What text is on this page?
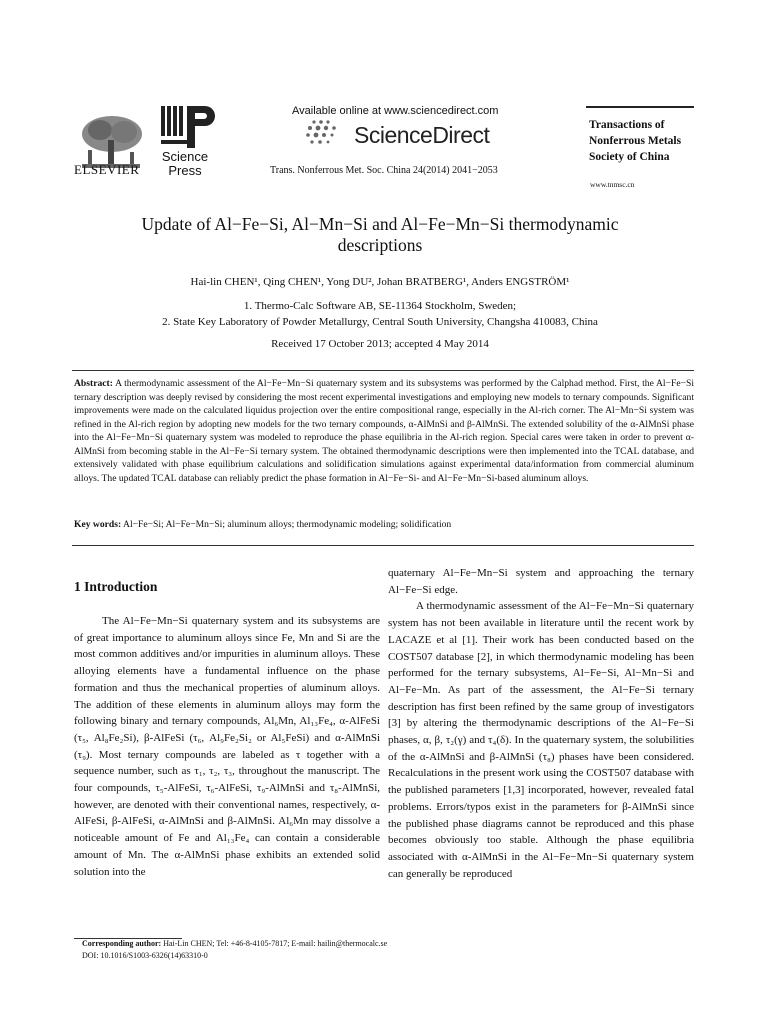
ELSEVIER
Science
Press
Available online at www.sciencedirect.com
ScienceDirect
Trans. Nonferrous Met. Soc. China 24(2014) 2041−2053
Transactions of
Nonferrous Metals
Society of China
www.tnmsc.cn
Update of Al−Fe−Si, Al−Mn−Si and Al−Fe−Mn−Si thermodynamic
descriptions
Hai-lin CHEN¹, Qing CHEN¹, Yong DU², Johan BRATBERG¹, Anders ENGSTRÖM¹
1. Thermo-Calc Software AB, SE-11364 Stockholm, Sweden;
2. State Key Laboratory of Powder Metallurgy, Central South University, Changsha 410083, China
Received 17 October 2013; accepted 4 May 2014
Abstract: A thermodynamic assessment of the Al−Fe−Mn−Si quaternary system and its subsystems was performed by the Calphad method. First, the Al−Fe−Si ternary description was deeply revised by considering the most recent experimental investigations and employing new models to ternary compounds. Significant improvements were made on the calculated liquidus projection over the entire compositional range, especially in the Al-rich corner. The Al−Mn−Si system was refined in the Al-rich region by adopting new models for the two ternary compounds, α-AlMnSi and β-AlMnSi. The extended solubility of the α-AlMnSi phase into the Al−Fe−Mn−Si quaternary system was modeled to reproduce the phase equilibria in the Al-rich region. Special cares were taken in order to prevent α-AlMnSi from becoming stable in the Al−Fe−Si ternary system. The obtained thermodynamic descriptions were then implemented into the TCAL database, and extensively validated with phase equilibrium calculations and solidification simulations against experimental data/information from commercial aluminum alloys. The updated TCAL database can reliably predict the phase formation in Al−Fe−Si- and Al−Fe−Mn−Si-based aluminum alloys.
Key words: Al−Fe−Si; Al−Fe−Mn−Si; aluminum alloys; thermodynamic modeling; solidification
1 Introduction

The Al−Fe−Mn−Si quaternary system and its subsystems are of great importance to aluminum alloys since Fe, Mn and Si are the most common additives and/or impurities in aluminum alloys. These alloying elements have a fundamental influence on the phase formation and thus the mechanical properties of aluminum alloys. The addition of these elements in aluminum alloys may form the following binary and ternary compounds, Al₆Mn, Al₁₃Fe₄, α-AlFeSi (τ₅, Al₈Fe₂Si), β-AlFeSi (τ₆, Al₉Fe₂Si₂ or Al₅FeSi) and α-AlMnSi (τ₉). Most ternary compounds are labeled as τ together with a sequence number, such as τ₁, τ₂, τ₃, throughout the manuscript. The four compounds, τ₅-AlFeSi, τ₆-AlFeSi, τ₉-AlMnSi and τ₈-AlMnSi, however, are denoted with their conventional names, respectively, α-AlFeSi, β-AlFeSi, α-AlMnSi and β-AlMnSi. Al₆Mn may dissolve a noticeable amount of Fe and Al₁₃Fe₄ can contain a considerable amount of Mn. The α-AlMnSi phase exhibits an extended solid solution into the

quaternary Al−Fe−Mn−Si system and approaching the ternary Al−Fe−Si edge.

A thermodynamic assessment of the Al−Fe−Mn−Si quaternary system has not been available in literature until the recent work by LACAZE et al [1]. Their work has been conducted based on the COST507 database [2], in which thermodynamic modeling has been performed for the ternary subsystems, Al−Fe−Si, Al−Mn−Si and Al−Fe−Mn. As part of the assessment, the Al−Fe−Si ternary description has first been refined by the same group of investigators [3] by altering the thermodynamic descriptions of the Al−Fe−Si phases, α, β, τ₂(γ) and τ₄(δ). In the quaternary system, the solubilities of the α-AlMnSi and β-AlMnSi (τ₈) phases have been considered. Recalculations in the present work using the COST507 database with the published parameters [1,3] incorporated, however, revealed fatal problems. Errors/typos exist in the parameters for β-AlMnSi since the published phase diagrams cannot be reproduced and this phase becomes obviously too stable. Although the phase equilibria associated with α-AlMnSi in the Al−Fe−Mn−Si quaternary system can generally be reproduced

Corresponding author: Hai-Lin CHEN; Tel: +46-8-4105-7817; E-mail: hailin@thermocalc.se
DOI: 10.1016/S1003-6326(14)63310-0
